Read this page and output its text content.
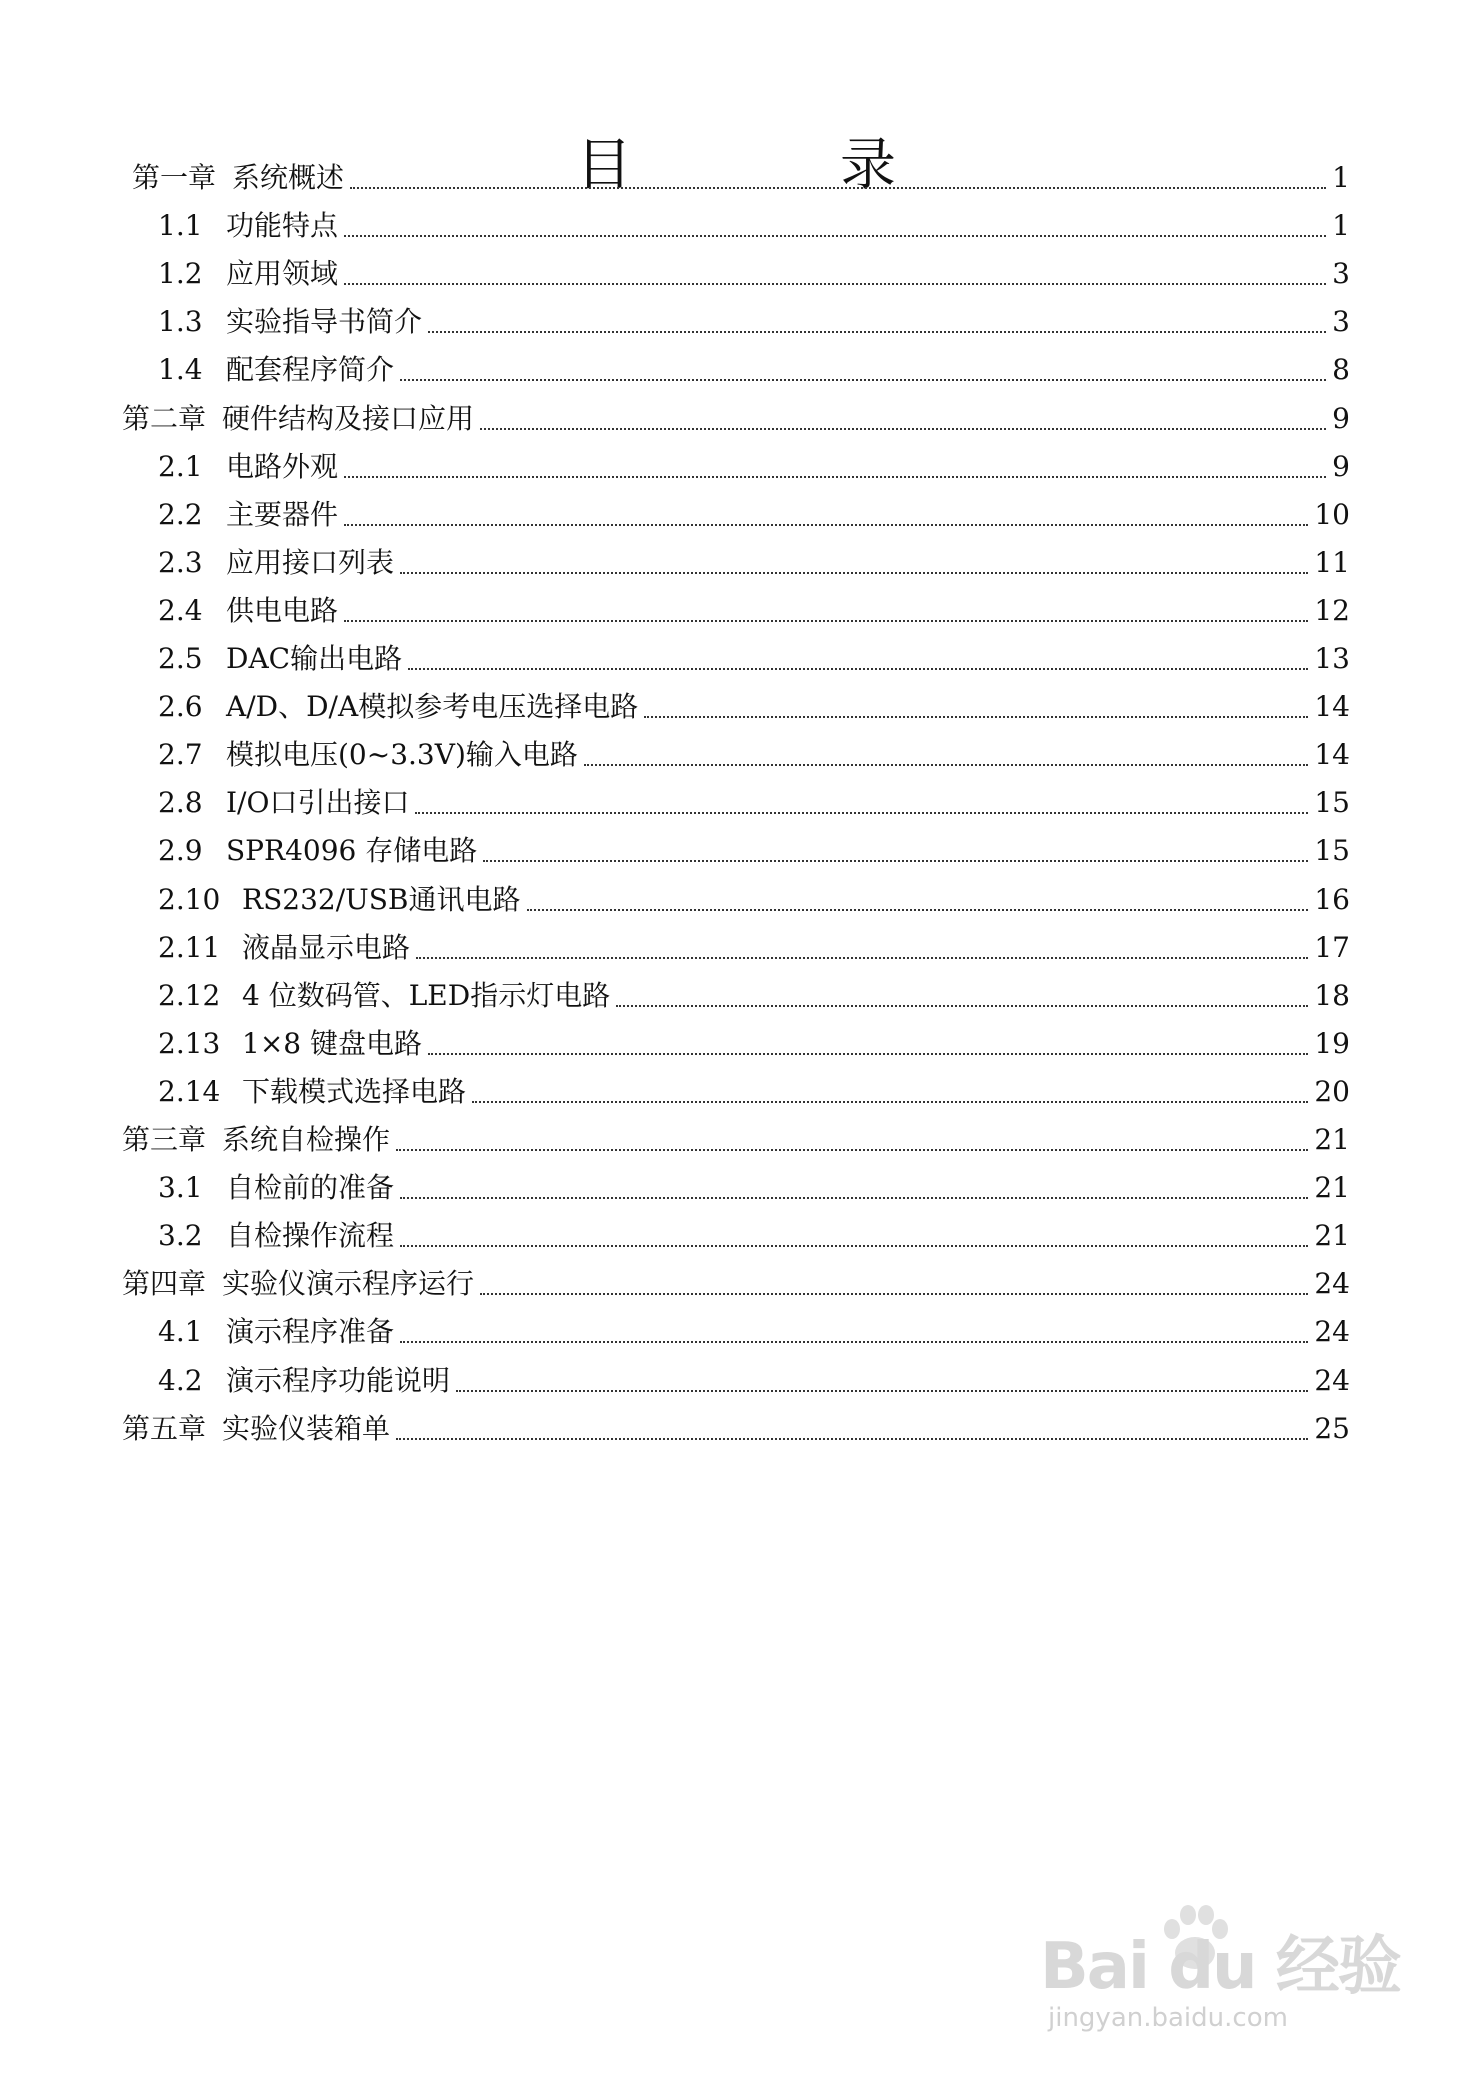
目　录
第一章 系统概述	1
1.1 功能特点	1
1.2 应用领域	3
1.3 实验指导书简介	3
1.4 配套程序简介	8
第二章 硬件结构及接口应用	9
2.1 电路外观	9
2.2 主要器件	10
2.3 应用接口列表	11
2.4 供电电路	12
2.5 DAC输出电路	13
2.6 A/D、D/A模拟参考电压选择电路	14
2.7 模拟电压(0~3.3V)输入电路	14
2.8 I/O口引出接口	15
2.9 SPR4096 存储电路	15
2.10 RS232/USB通讯电路	16
2.11 液晶显示电路	17
2.12 4 位数码管、LED指示灯电路	18
2.13 1×8 键盘电路	19
2.14 下载模式选择电路	20
第三章 系统自检操作	21
3.1 自检前的准备	21
3.2 自检操作流程	21
第四章 实验仪演示程序运行	24
4.1 演示程序准备	24
4.2 演示程序功能说明	24
第五章 实验仪装箱单	25
Bai du 经验
jingyan.baidu.com
